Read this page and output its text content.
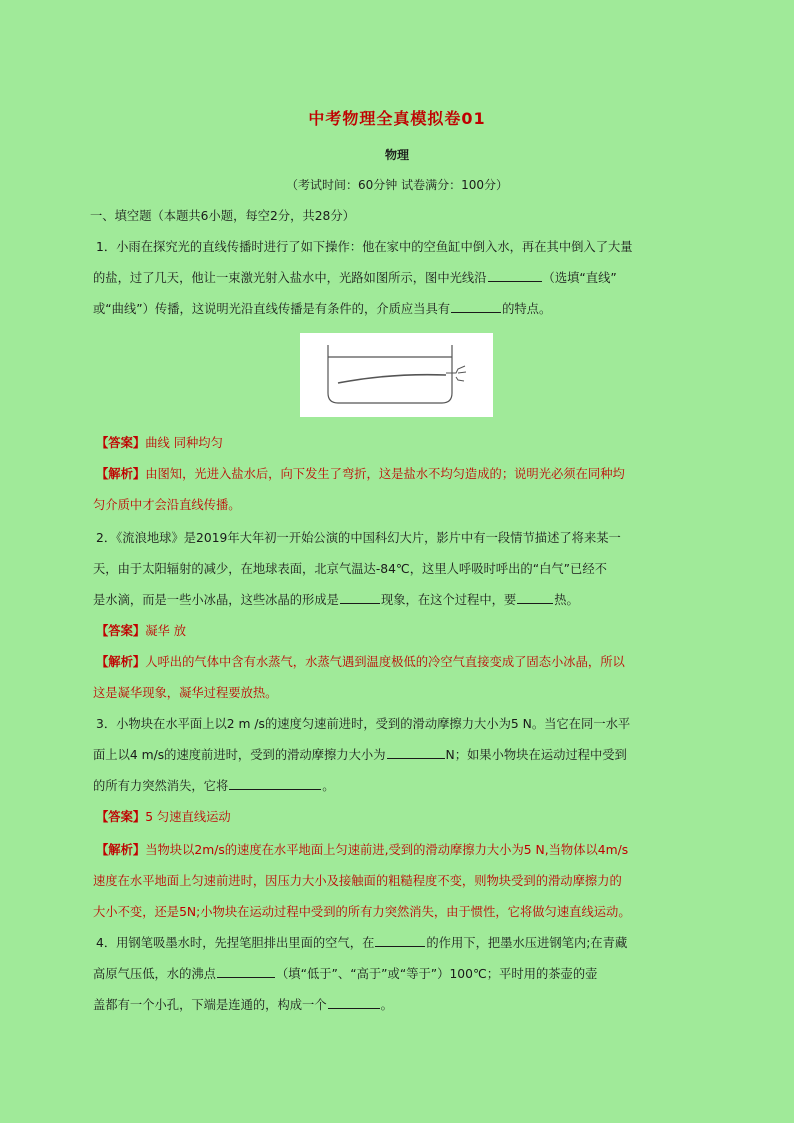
中考物理全真模拟卷01
物理
（考试时间：60分钟 试卷满分：100分）
一、填空题（本题共6小题，每空2分，共28分）
1．小雨在探究光的直线传播时进行了如下操作：他在家中的空鱼缸中倒入水，再在其中倒入了大量
的盐，过了几天，他让一束激光射入盐水中，光路如图所示，图中光线沿	（选填“直线”
或“曲线”）传播，这说明光沿直线传播是有条件的，介质应当具有	的特点。
【答案】曲线 同种均匀
【解析】由图知，光进入盐水后，向下发生了弯折，这是盐水不均匀造成的；说明光必须在同种均
匀介质中才会沿直线传播。
2．《流浪地球》是2019年大年初一开始公演的中国科幻大片，影片中有一段情节描述了将来某一
天，由于太阳辐射的减少，在地球表面，北京气温达-84℃，这里人呼吸时呼出的“白气”已经不
是水滴，而是一些小冰晶，这些冰晶的形成是	现象，在这个过程中，要	热。
【答案】凝华 放
【解析】人呼出的气体中含有水蒸气，水蒸气遇到温度极低的冷空气直接变成了固态小冰晶，所以
这是凝华现象，凝华过程要放热。
3．小物块在水平面上以2 m /s的速度匀速前进时，受到的滑动摩擦力大小为5 N。当它在同一水平
面上以4 m/s的速度前进时，受到的滑动摩擦力大小为	N；如果小物块在运动过程中受到
的所有力突然消失，它将	。
【答案】5 匀速直线运动
【解析】当物块以2m/s的速度在水平地面上匀速前进,受到的滑动摩擦力大小为5 N,当物体以4m/s
速度在水平地面上匀速前进时，因压力大小及接触面的粗糙程度不变，则物块受到的滑动摩擦力的
大小不变，还是5N;小物块在运动过程中受到的所有力突然消失，由于惯性，它将做匀速直线运动。
4．用钢笔吸墨水时，先捏笔胆排出里面的空气，在	的作用下，把墨水压进钢笔内;在青藏
高原气压低，水的沸点	（填“低于”、“高于”或“等于”）100℃；平时用的茶壶的壶
盖都有一个小孔，下端是连通的，构成一个	。
